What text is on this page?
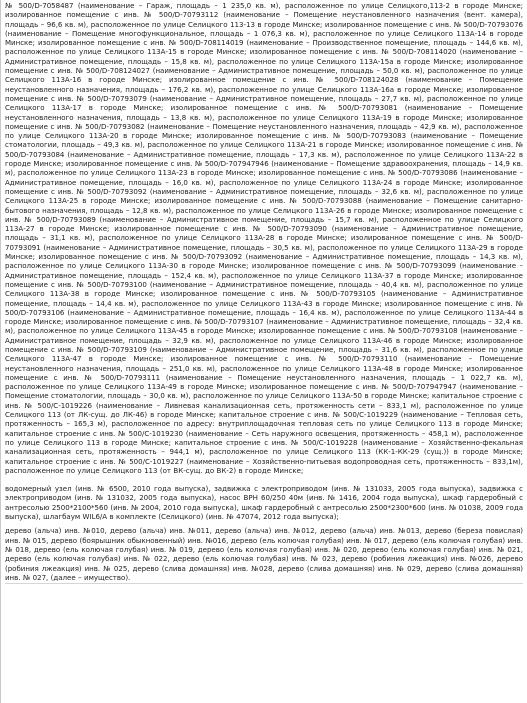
№ 500/D-7058487 (наименование – Гараж, площадь – 1 235,0 кв. м), расположенное по улице Селицкого,113-2 в городе Минске; изолированное помещение с инв. № 500/D-70793112 (наименование – Помещение неустановленного назначения (вент. камера), площадь – 96,6 кв. м), расположенное по улице Селицкого 113-13 в городе Минске; изолированное помещение с инв. № 500/D-70793076 (наименование – Помещение многофункциональное, площадь – 1 076,3 кв. м), расположенное по улице Селицкого 113А-14 в городе Минске; изолированное помещение с инв. № 500/D-708114019 (наименование – Производственное помещение, площадь – 144,6 кв. м), расположенное по улице Селицкого 113А-15 в городе Минске; изолированное помещение с инв. № 500/D-708114020 (наименование – Административное помещение, площадь – 15,8 кв. м), расположенное по улице Селицкого 113А-15а в городе Минске; изолированное помещение с инв. № 500/D-708124027 (наименование – Административное помещение, площадь – 50,0 кв. м), расположенное по улице Селицкого 113А-16 в городе Минске; изолированное помещение с инв. № 500/D-708124028 (наименование – Помещение неустановленного назначения, площадь – 176,2 кв. м), расположенное по улице Селицкого 113А-16а в городе Минске; изолированное помещение с инв. № 500/D-70793079 (наименование – Административное помещение, площадь – 27,7 кв. м), расположенное по улице Селицкого 113А-17 в городе Минске; изолированное помещение с инв. № 500/D-70793081 (наименование – Помещение неустановленного назначения, площадь – 13,8 кв. м), расположенное по улице Селицкого 113А-19 в городе Минске; изолированное помещение с инв. № 500/D-70793082 (наименование – Помещение неустановленного назначения, площадь – 42,9 кв. м), расположенное по улице Селицкого 113А-20 в городе Минске; изолированное помещение с инв. № 500/D-70793083 (наименование – Помещение стоматологии, площадь – 49,3 кв. м), расположенное по улице Селицкого 113А-21 в городе Минске; изолированное помещение с инв. № 500/D-70793084 (наименование – Административное помещение, площадь – 17,3 кв. м), расположенное по улице Селицкого 113А-22 в городе Минске; изолированное помещение с инв. № 500/D-707947946 (наименование – Помещение здравоохранения, площадь – 14,9 кв. м), расположенное по улице Селицкого 113А-23 в городе Минске; изолированное помещение с инв. № 500/D-70793086 (наименование – Административное помещение, площадь – 16,0 кв. м), расположенное по улице Селицкого 113А-24 в городе Минске; изолированное помещение с инв. № 500/D-70793092 (наименование – Административное помещение, площадь – 32,6 кв. м), расположенное по улице Селицкого 113А-25 в городе Минске; изолированное помещение с инв. № 500/D-70793088 (наименование – Помещение санитарно-бытового назначения, площадь – 12,8 кв. м), расположенное по улице Селицкого 113А-26 в городе Минске; изолированное помещение с инв. № 500/D-70793089 (наименование – Административное помещение, площадь – 15,7 кв. м), расположенное по улице Селицкого 113А-27 в городе Минске; изолированное помещение с инв. № 500/D-70793090 (наименование – Административное помещение, площадь – 31,1 кв. м), расположенное по улице Селицкого 113А-28 в городе Минске; изолированное помещение с инв. № 500/D-70793091 (наименование – Административное помещение, площадь – 30,5 кв. м), расположенное по улице Селицкого 113А-29 в городе Минске; изолированное помещение с инв. № 500/D-70793092 (наименование – Административное помещение, площадь – 14,3 кв. м), расположенное по улице Селицкого 113А-30 в городе Минске; изолированное помещение с инв. № 500/D-70793099 (наименование – Административное помещение, площадь – 152,4 кв. м), расположенное по улице Селицкого 113А-37 в городе Минске; изолированное помещение с инв. № 500/D-70793100 (наименование – Административное помещение, площадь – 40,4 кв. м), расположенное по улице Селицкого 113А-38 в городе Минске; изолированное помещение с инв. № 500/D-70793105 (наименование – Административное помещение, площадь – 14,4 кв. м), расположенное по улице Селицкого 113А-43 в городе Минске; изолированное помещение с инв. № 500/D-70793106 (наименование – Административное помещение, площадь – 16,4 кв. м), расположенное по улице Селицкого 113А-44 в городе Минске; изолированное помещение с инв. № 500/D-70793107 (наименование – Административное помещение, площадь – 32,4 кв. м), расположенное по улице Селицкого 113А-45 в городе Минске; изолированное помещение с инв. № 500/D-70793108 (наименование – Административное помещение, площадь – 32,9 кв. м), расположенное по улице Селицкого 113А-46 в городе Минске; изолированное помещение с инв. № 500/D-70793109 (наименование – Административное помещение, площадь – 31,6 кв. м), расположенное по улице Селицкого 113А-47 в городе Минске; изолированное помещение с инв. № 500/D-70793110 (наименование – Помещение неустановленного назначения, площадь – 251,0 кв. м), расположенное по улице Селицкого 113А-48 в городе Минске; изолированное помещение с инв. № 500/D-70793111 (наименование – Помещение неустановленного назначения, площадь – 1 022,7 кв. м), расположенное по улице Селицкого 113А-49 в городе Минске; изолированное помещение с инв. № 500/D-707947947 (наименование – Помещение стоматологии, площадь – 30,0 кв. м), расположенное по улице Селицкого 113А-50 в городе Минске; капитальное строение с инв. № 500/С-1019226 (наименование – Ливневая канализационная сеть, протяженность сети – 833,1 м), расположенное по улице Селицкого 113 (от ЛК-сущ. до ЛК-46) в городе Минске; капитальное строение с инв. № 500/С-1019229 (наименование – Тепловая сеть, протяженность – 165,3 м), расположенное по адресу: внутриплощадочная тепловая сеть по улице Селицкого 113 в городе Минске; капитальное строение с инв. № 500/С-1019230 (наименование – Сеть наружного освещения, протяженность – 458,1 м), расположенное по улице Селицкого 113 в городе Минске; капитальное строение с инв. № 500/С-1019228 (наименование – Хозяйственно-фекальная канализационная сеть, протяженность – 944,1 м), расположенное по улице Селицкого 113 (КК-1-КК-29 (сущ.)) в городе Минске; капитальное строение с инв. № 500/С-1019227 (наименование – Хозяйственно-питьевая водопроводная сеть, протяженность – 833,1м), расположенное по улице Селицкого 113 (от ВК-сущ. до ВК-2) в городе Минске;

водомерный узел (инв. № 6500, 2010 года выпуска), задвижка с электроприводом (инв. № 131033, 2005 года выпуска), задвижка с электроприводом (инв. № 131032, 2005 года выпуска), насос ВРН 60/250 40м (инв. № 1416, 2004 года выпуска), шкаф гардеробный с антресолью 2500*2100*560 (инв. № 2004, 2010 года выпуска), шкаф гардеробный с антресолью 2500*2300*600 (инв. № 01038, 2009 года выпуска), шлагбаум WIL6/A в комплекте (Селицкого) (инв. № 47074, 2012 года выпуска);

дерево (альча) инв. №010, дерево (альча) инв. №011, дерево (альча) инв. №012, дерево (альча) инв. №013, дерево (береза повислая) инв. № 015, дерево (боярышник обыкновенный) инв. №016, дерево (ель колючая голубая) инв. № 017, дерево (ель колючая голубая) инв. № 018, дерево (ель колючая голубая) инв. № 019, дерево (ель колючая голубая) инв. № 020, дерево (ель колючая голубая) инв. № 021, дерево (ель колючая голубая) инв. № 022, дерево (ель колючая голубая) инв. № 023, дерево (робиния лжеакция) инв. №026, дерево (робиния лжеакция) инв. № 025, дерево (слива домашняя) инв. №028, дерево (слива домашняя) инв. № 029, дерево (слива домашняя) инв. № 027, (далее – имущество).
